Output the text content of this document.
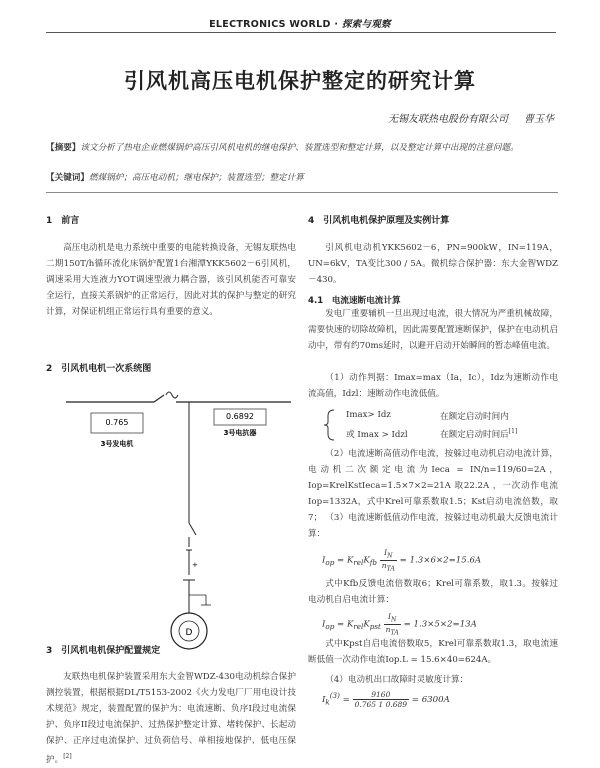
ELECTRONICS WORLD · 探索与观察
引风机高压电机保护整定的研究计算
无锡友联热电股份有限公司 曹玉华
【摘要】该文分析了热电企业燃煤锅炉高压引风机电机的继电保护、装置选型和整定计算，以及整定计算中出现的注意问题。
【关键词】燃煤锅炉；高压电动机；继电保护；装置选型；整定计算
1　前言
高压电动机是电力系统中重要的电能转换设备，无锡友联热电二期150T/h循环流化床锅炉配置1台湘潭YKK5602－6引风机，调速采用大连液力YOT调速型液力耦合器，该引风机能否可靠安全运行，直接关系锅炉的正常运行，因此对其的保护与整定的研究计算，对保证机组正常运行具有重要的意义。
2　引风机电机一次系统图
0.765
3号发电机
0.6892
3号电抗器
+
D
3　引风机电机保护配置规定
友联热电机保护装置采用东大金智WDZ-430电动机综合保护测控装置，根据根据DL/T5153-2002《火力发电厂厂用电设计技术规范》规定，装置配置的保护为：电流速断、负序I段过电流保护、负序II段过电流保护、过热保护整定计算、堵转保护、长起动保护、正序过电流保护、过负荷信号、单相接地保护、低电压保护。[2]
4　引风机电机保护原理及实例计算
引风机电动机YKK5602－6，PN=900kW，IN=119A，UN=6kV，TA变比300 / 5A。微机综合保护器：东大金智WDZ－430。
4.1　电流速断电流计算
发电厂重要辅机一旦出现过电流，很大情况为严重机械故障，需要快速的切除故障机，因此需要配置速断保护，保护在电动机启动中，带有约70ms延时，以避开启动开始瞬间的暂态峰值电流。
（1）动作判据：Imax=max（Ia，Ic），Idz为速断动作电流高值，Idzl：速断动作电流低值。
Imax> Idz	在额定启动时间内
或 Imax > Idzl	在额定启动时间后[1]
（2）电流速断高值动作电流，按躲过电动机启动电流计算，电动机二次额定电流为Ieca = IN/n=119/60=2A，Iop=KrelKstIeca=1.5×7×2=21A 取22.2A ，一次动作电流Iop=1332A，式中Krel可靠系数取1.5；Kst启动电流倍数，取7； （3）电流速断低值动作电流，按躲过电动机最大反馈电流计算：
$I_{op} = K_{rel}K_{fb} \frac{I_N}{n_{TA}} = 1.3\times 6\times 2=15.6A$
式中Kfb反馈电流倍数取6；Krel可靠系数，取1.3。按躲过电动机自启电流计算：
$I_{op} = K_{rel}K_{pst} \frac{I_N}{n_{TA}} = 1.3\times 5\times 2=13A$
式中Kpst自启电流倍数取5，Krel可靠系数取1.3，取电流速断低值一次动作电流Iop.L = 15.6×40=624A。
（4）电动机出口故障时灵敏度计算：
$I_k^{(3)} = \frac{9160}{0.765 1 0.689} = 6300A$
